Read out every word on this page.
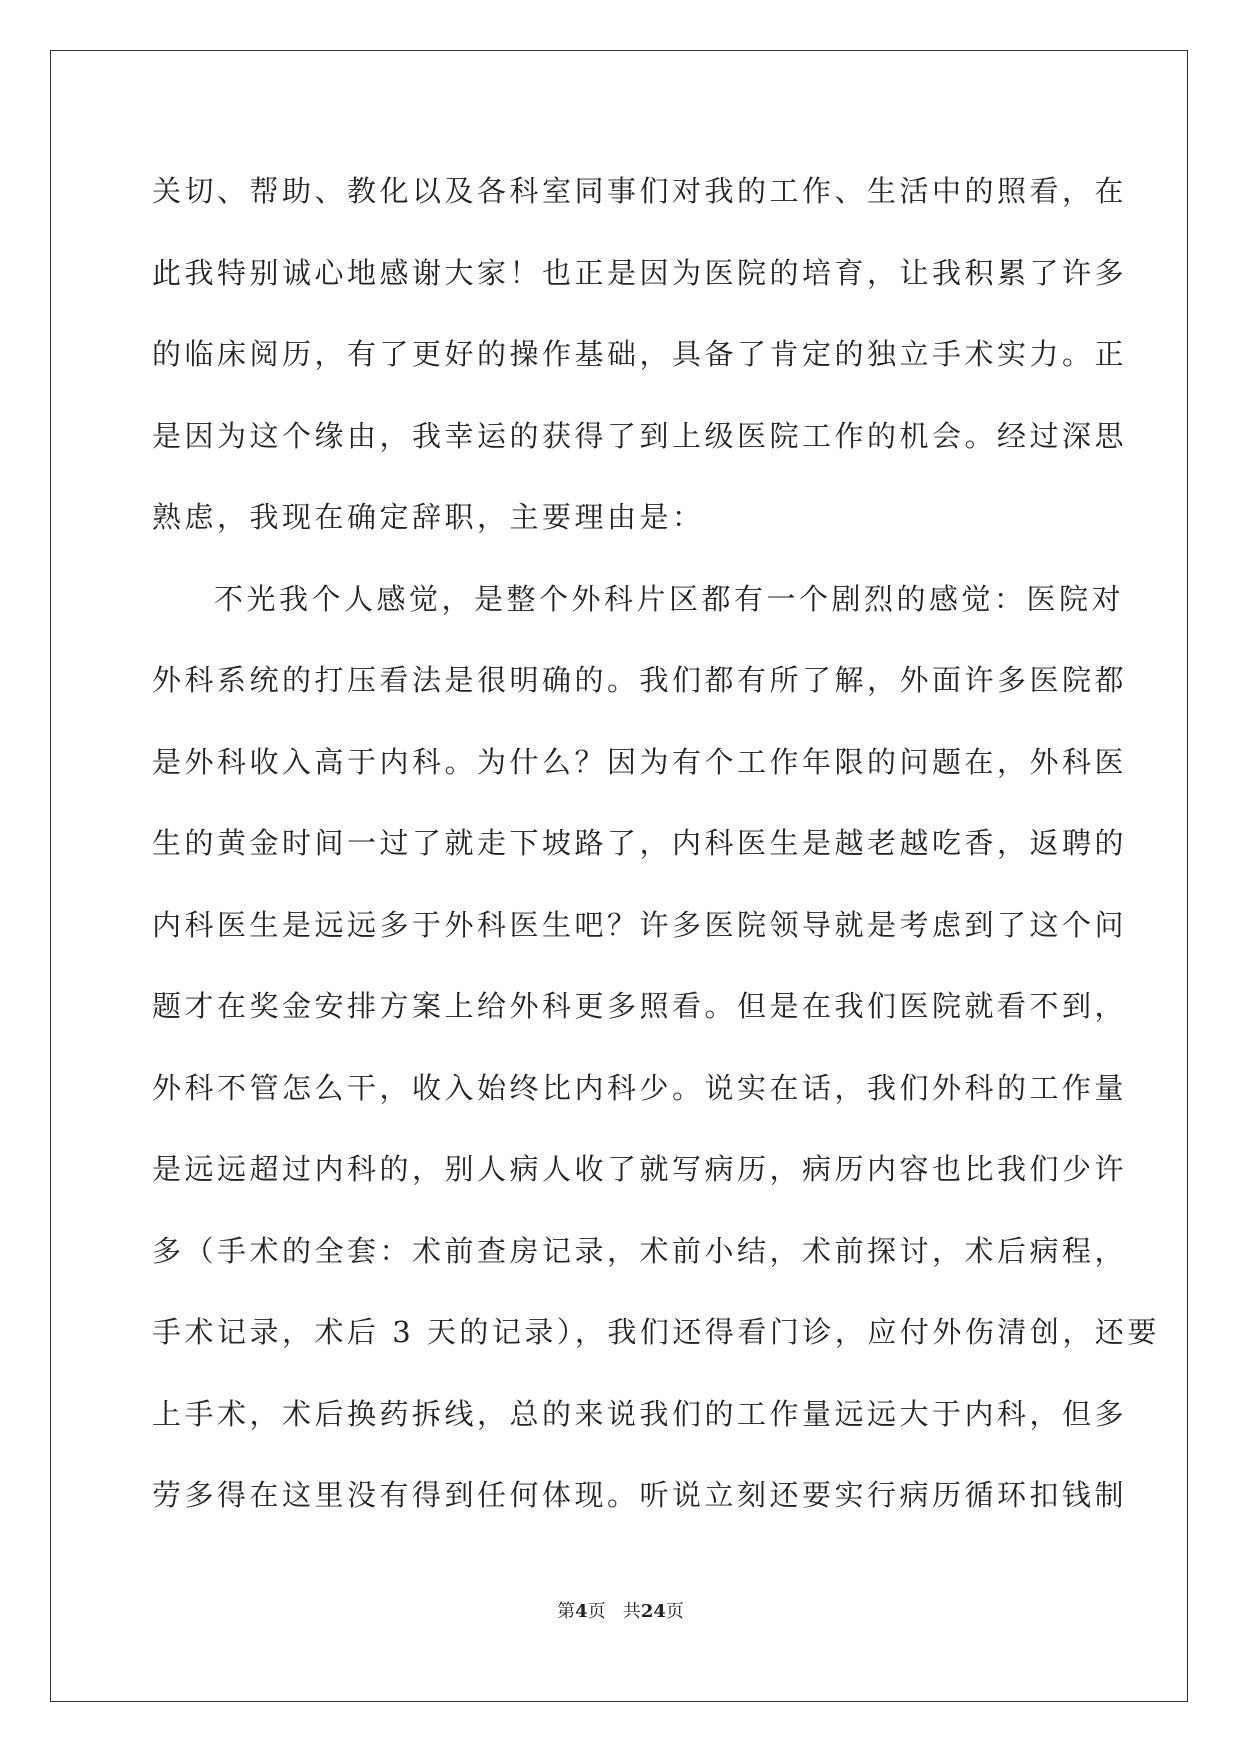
关切、帮助、教化以及各科室同事们对我的工作、生活中的照看，在
此我特别诚心地感谢大家！也正是因为医院的培育，让我积累了许多
的临床阅历，有了更好的操作基础，具备了肯定的独立手术实力。正
是因为这个缘由，我幸运的获得了到上级医院工作的机会。经过深思
熟虑，我现在确定辞职，主要理由是：
不光我个人感觉，是整个外科片区都有一个剧烈的感觉：医院对
外科系统的打压看法是很明确的。我们都有所了解，外面许多医院都
是外科收入高于内科。为什么？因为有个工作年限的问题在，外科医
生的黄金时间一过了就走下坡路了，内科医生是越老越吃香，返聘的
内科医生是远远多于外科医生吧？许多医院领导就是考虑到了这个问
题才在奖金安排方案上给外科更多照看。但是在我们医院就看不到，
外科不管怎么干，收入始终比内科少。说实在话，我们外科的工作量
是远远超过内科的，别人病人收了就写病历，病历内容也比我们少许
多（手术的全套：术前查房记录，术前小结，术前探讨，术后病程，
手术记录，术后 3 天的记录），我们还得看门诊，应付外伤清创，还要
上手术，术后换药拆线，总的来说我们的工作量远远大于内科，但多
劳多得在这里没有得到任何体现。听说立刻还要实行病历循环扣钱制
第4页   共24页
